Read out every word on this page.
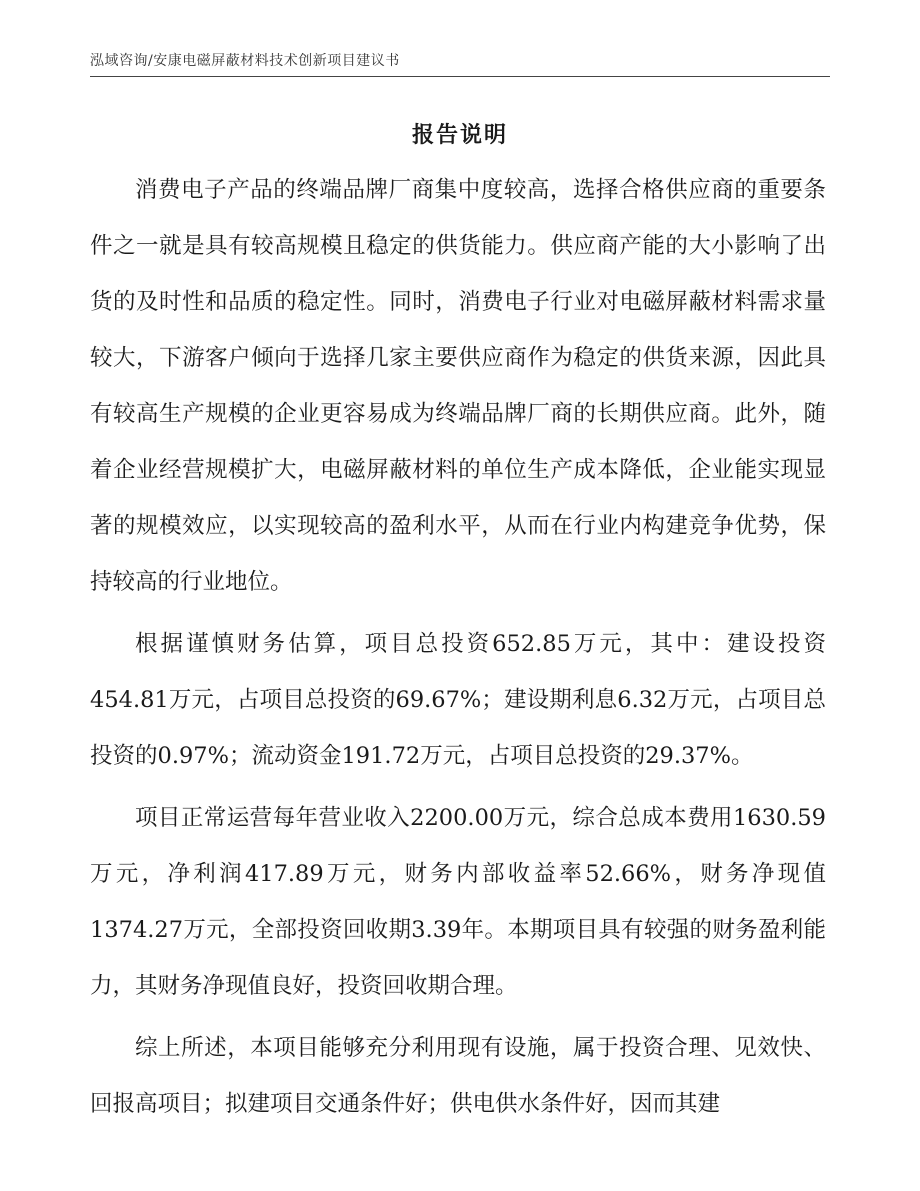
泓域咨询/安康电磁屏蔽材料技术创新项目建议书
报告说明

消费电子产品的终端品牌厂商集中度较高，选择合格供应商的重要条件之一就是具有较高规模且稳定的供货能力。供应商产能的大小影响了出货的及时性和品质的稳定性。同时，消费电子行业对电磁屏蔽材料需求量较大，下游客户倾向于选择几家主要供应商作为稳定的供货来源，因此具有较高生产规模的企业更容易成为终端品牌厂商的长期供应商。此外，随着企业经营规模扩大，电磁屏蔽材料的单位生产成本降低，企业能实现显著的规模效应，以实现较高的盈利水平，从而在行业内构建竞争优势，保持较高的行业地位。

根据谨慎财务估算，项目总投资652.85万元，其中：建设投资454.81万元，占项目总投资的69.67%；建设期利息6.32万元，占项目总投资的0.97%；流动资金191.72万元，占项目总投资的29.37%。

项目正常运营每年营业收入2200.00万元，综合总成本费用1630.59万元，净利润417.89万元，财务内部收益率52.66%，财务净现值1374.27万元，全部投资回收期3.39年。本期项目具有较强的财务盈利能力，其财务净现值良好，投资回收期合理。

综上所述，本项目能够充分利用现有设施，属于投资合理、见效快、回报高项目；拟建项目交通条件好；供电供水条件好，因而其建
